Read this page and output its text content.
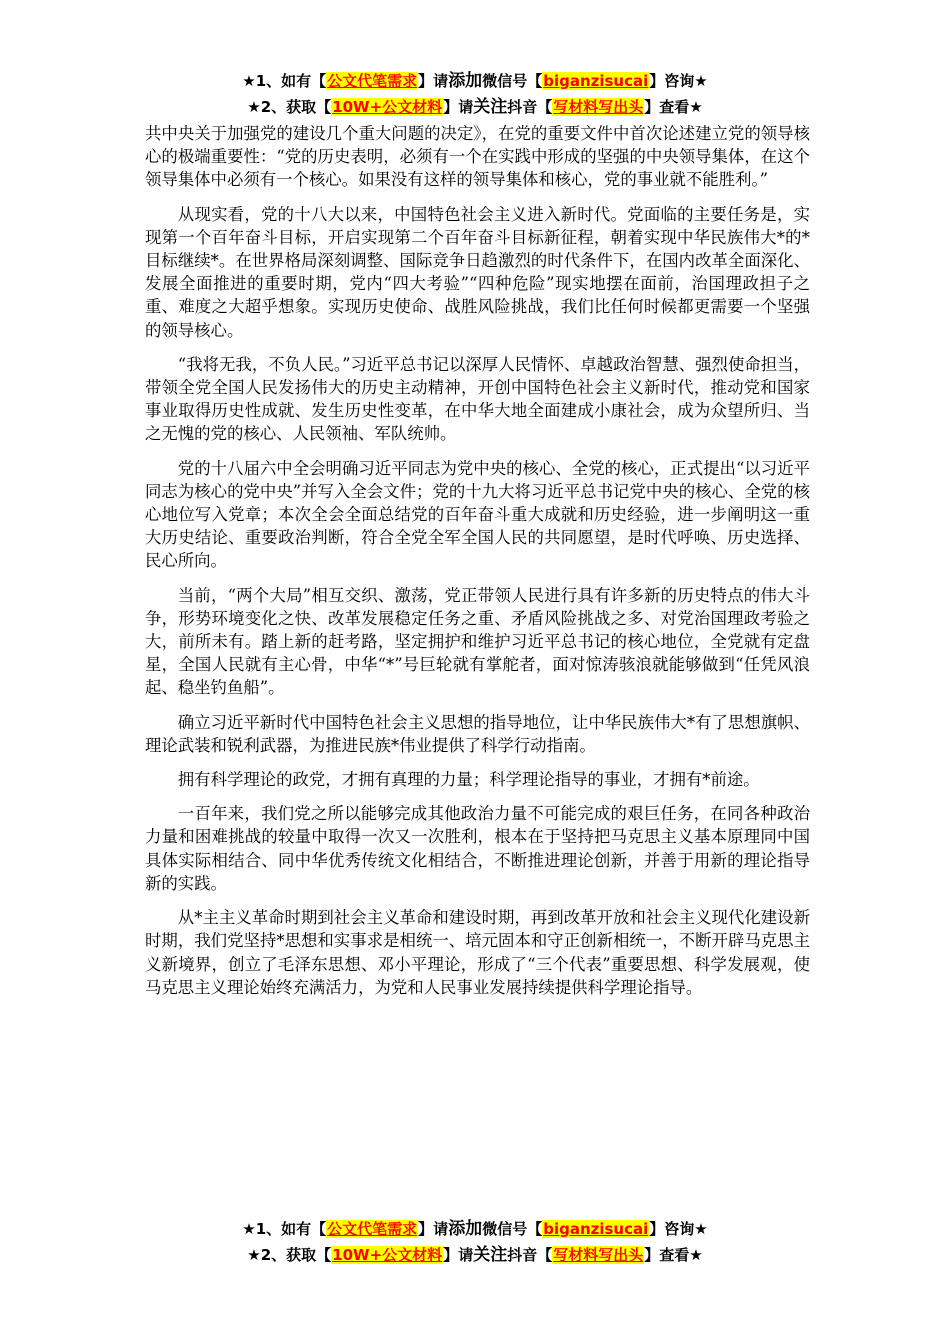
★1、如有【公文代笔需求】请添加微信号【biganzisucai】咨询★
★2、获取【10W+公文材料】请关注抖音【写材料写出头】查看★

共中央关于加强党的建设几个重大问题的决定》，在党的重要文件中首次论述建立党的领导核心的极端重要性：“党的历史表明，必须有一个在实践中形成的坚强的中央领导集体，在这个领导集体中必须有一个核心。如果没有这样的领导集体和核心，党的事业就不能胜利。”

从现实看，党的十八大以来，中国特色社会主义进入新时代。党面临的主要任务是，实现第一个百年奋斗目标，开启实现第二个百年奋斗目标新征程，朝着实现中华民族伟大*的*目标继续*。在世界格局深刻调整、国际竞争日趋激烈的时代条件下，在国内改革全面深化、发展全面推进的重要时期，党内“四大考验”“四种危险”现实地摆在面前，治国理政担子之重、难度之大超乎想象。实现历史使命、战胜风险挑战，我们比任何时候都更需要一个坚强的领导核心。

“我将无我，不负人民。”习近平总书记以深厚人民情怀、卓越政治智慧、强烈使命担当，带领全党全国人民发扬伟大的历史主动精神，开创中国特色社会主义新时代，推动党和国家事业取得历史性成就、发生历史性变革，在中华大地全面建成小康社会，成为众望所归、当之无愧的党的核心、人民领袖、军队统帅。

党的十八届六中全会明确习近平同志为党中央的核心、全党的核心，正式提出“以习近平同志为核心的党中央”并写入全会文件；党的十九大将习近平总书记党中央的核心、全党的核心地位写入党章；本次全会全面总结党的百年奋斗重大成就和历史经验，进一步阐明这一重大历史结论、重要政治判断，符合全党全军全国人民的共同愿望，是时代呼唤、历史选择、民心所向。

当前，“两个大局”相互交织、激荡，党正带领人民进行具有许多新的历史特点的伟大斗争，形势环境变化之快、改革发展稳定任务之重、矛盾风险挑战之多、对党治国理政考验之大，前所未有。踏上新的赶考路，坚定拥护和维护习近平总书记的核心地位，全党就有定盘星，全国人民就有主心骨，中华“*”号巨轮就有掌舵者，面对惊涛骇浪就能够做到“任凭风浪起、稳坐钓鱼船”。

确立习近平新时代中国特色社会主义思想的指导地位，让中华民族伟大*有了思想旗帜、理论武装和锐利武器，为推进民族*伟业提供了科学行动指南。

拥有科学理论的政党，才拥有真理的力量；科学理论指导的事业，才拥有*前途。

一百年来，我们党之所以能够完成其他政治力量不可能完成的艰巨任务，在同各种政治力量和困难挑战的较量中取得一次又一次胜利，根本在于坚持把马克思主义基本原理同中国具体实际相结合、同中华优秀传统文化相结合，不断推进理论创新，并善于用新的理论指导新的实践。

从*主主义革命时期到社会主义革命和建设时期，再到改革开放和社会主义现代化建设新时期，我们党坚持*思想和实事求是相统一、培元固本和守正创新相统一，不断开辟马克思主义新境界，创立了毛泽东思想、邓小平理论，形成了“三个代表”重要思想、科学发展观，使马克思主义理论始终充满活力，为党和人民事业发展持续提供科学理论指导。

★1、如有【公文代笔需求】请添加微信号【biganzisucai】咨询★
★2、获取【10W+公文材料】请关注抖音【写材料写出头】查看★
